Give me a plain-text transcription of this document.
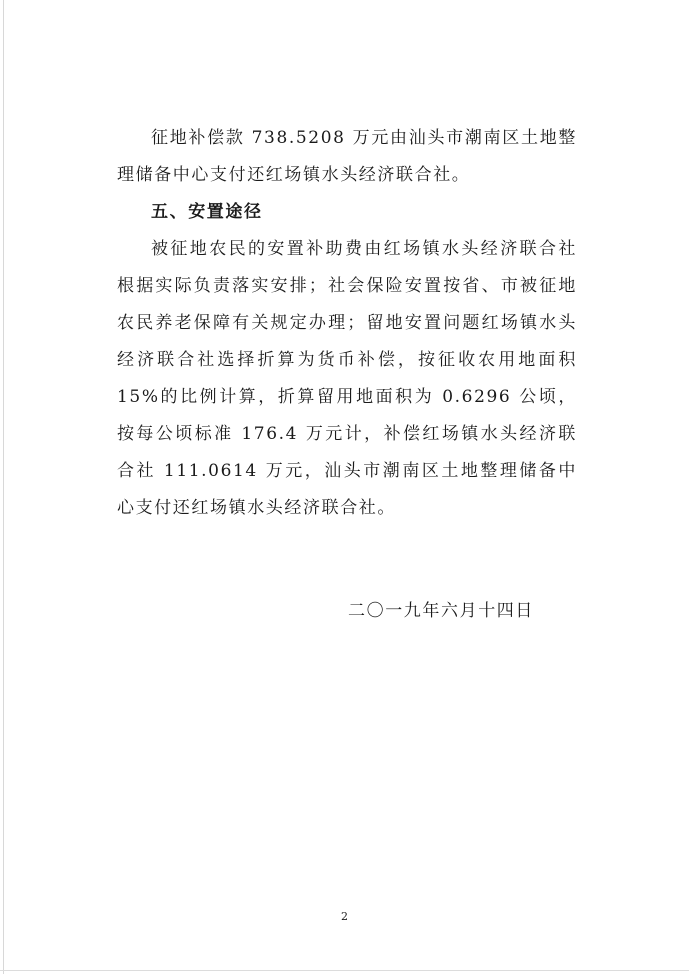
征地补偿款 738.5208 万元由汕头市潮南区土地整理储备中心支付还红场镇水头经济联合社。

五、安置途径

被征地农民的安置补助费由红场镇水头经济联合社根据实际负责落实安排；社会保险安置按省、市被征地农民养老保障有关规定办理；留地安置问题红场镇水头经济联合社选择折算为货币补偿，按征收农用地面积 15%的比例计算，折算留用地面积为 0.6296 公顷，按每公顷标准 176.4 万元计，补偿红场镇水头经济联合社 111.0614 万元，汕头市潮南区土地整理储备中心支付还红场镇水头经济联合社。

二〇一九年六月十四日
2
